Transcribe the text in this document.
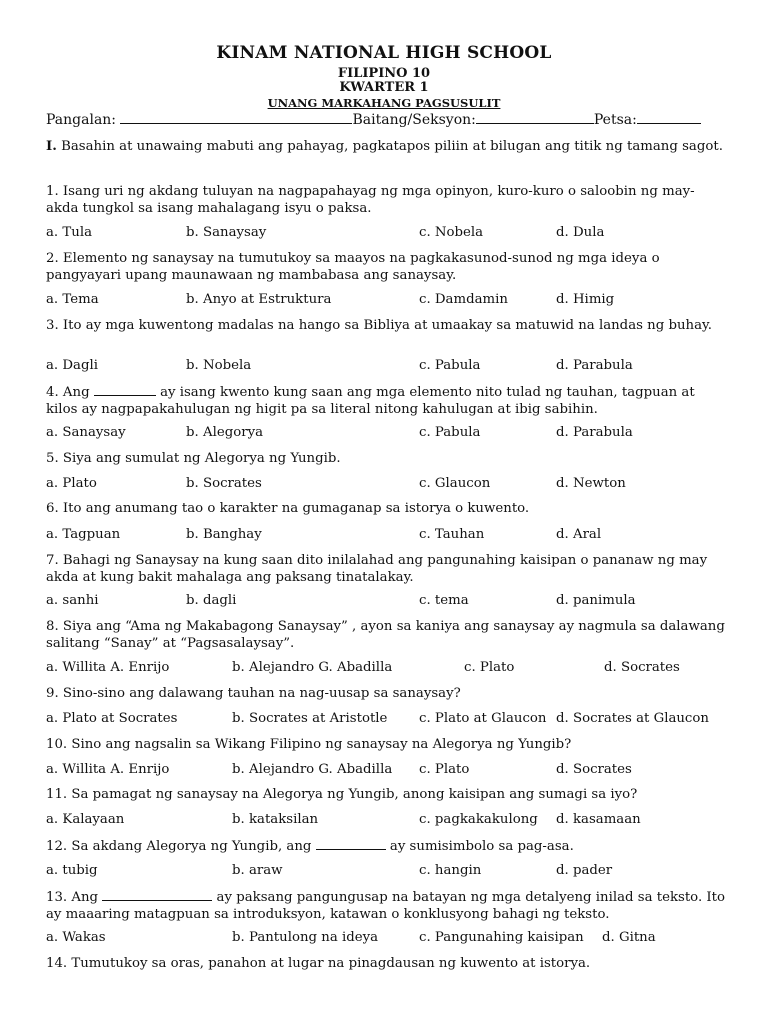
KINAM NATIONAL HIGH SCHOOL
FILIPINO 10
KWARTER 1
UNANG MARKAHANG PAGSUSULIT
Pangalan:	Baitang/Seksyon:	Petsa:
I. Basahin at unawaing mabuti ang pahayag, pagkatapos piliin at bilugan ang titik ng tamang sagot.
1. Isang uri ng akdang tuluyan na nagpapahayag ng mga opinyon, kuro-kuro o saloobin ng may-akda tungkol sa isang mahalagang isyu o paksa.
a. Tula	b. Sanaysay	c. Nobela	d. Dula
2. Elemento ng sanaysay na tumutukoy sa maayos na pagkakasunod-sunod ng mga ideya o pangyayari upang maunawaan ng mambabasa ang sanaysay.
a. Tema	b. Anyo at Estruktura	c. Damdamin	d. Himig
3. Ito ay mga kuwentong madalas na hango sa Bibliya at umaakay sa matuwid na landas ng buhay.
a. Dagli	b. Nobela	c. Pabula	d. Parabula
4. Ang	ay isang kwento kung saan ang mga elemento nito tulad ng tauhan, tagpuan at kilos ay nagpapakahulugan ng higit pa sa literal nitong kahulugan at ibig sabihin.
a. Sanaysay	b. Alegorya	c. Pabula	d. Parabula
5. Siya ang sumulat ng Alegorya ng Yungib.
a. Plato	b. Socrates	c. Glaucon	d. Newton
6. Ito ang anumang tao o karakter na gumaganap sa istorya o kuwento.
a. Tagpuan	b. Banghay	c. Tauhan	d. Aral
7. Bahagi ng Sanaysay na kung saan dito inilalahad ang pangunahing kaisipan o pananaw ng may akda at kung bakit mahalaga ang paksang tinatalakay.
a. sanhi	b. dagli	c. tema	d. panimula
8. Siya ang “Ama ng Makabagong Sanaysay” , ayon sa kaniya ang sanaysay ay nagmula sa dalawang salitang “Sanay” at “Pagsasalaysay”.
a. Willita A. Enrijo	b. Alejandro G. Abadilla	c. Plato	d. Socrates
9. Sino-sino ang dalawang tauhan na nag-uusap sa sanaysay?
a. Plato at Socrates	b. Socrates at Aristotle c. Plato at Glaucon d. Socrates at Glaucon
10. Sino ang nagsalin sa Wikang Filipino ng sanaysay na Alegorya ng Yungib?
a. Willita A. Enrijo	b. Alejandro G. Abadilla c. Plato	d. Socrates
11. Sa pamagat ng sanaysay na Alegorya ng Yungib, anong kaisipan ang sumagi sa iyo?
a. Kalayaan	b. kataksilan	c. pagkakakulong d. kasamaan
12. Sa akdang Alegorya ng Yungib, ang	ay sumisimbolo sa pag-asa.
a. tubig	b. araw	c. hangin	d. pader
13. Ang	ay paksang pangungusap na batayan ng mga detalyeng inilad sa teksto. Ito ay maaaring matagpuan sa introduksyon, katawan o konklusyong bahagi ng teksto.
a. Wakas	b. Pantulong na ideya	c. Pangunahing kaisipan d. Gitna
14. Tumutukoy sa oras, panahon at lugar na pinagdausan ng kuwento at istorya.
